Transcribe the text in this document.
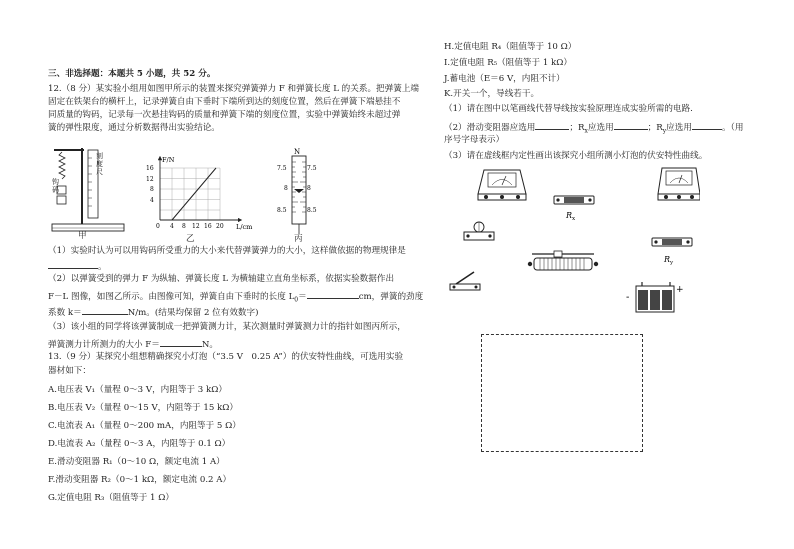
三、非选择题：本题共 5 小题，共 52 分。
12.（8 分）某实验小组用如图甲所示的装置来探究弹簧弹力 F 和弹簧长度 L 的关系。把弹簧上端
固定在铁架台的横杆上，记录弹簧自由下垂时下端所到达的刻度位置，然后在弹簧下端悬挂不
同质量的钩码，记录每一次悬挂钩码的质量和弹簧下端的刻度位置，实验中弹簧始终未超过弹
簧的弹性限度，通过分析数据得出实验结论。
刻度尺
钩码
甲
F/N
L/cm
16
12
8
4
0 4 8 12 16 20
乙
N
7.5	7.5
8	8
8.5	8.5
丙
（1）实验时认为可以用钩码所受重力的大小来代替弹簧弹力的大小，这样做依据的物理规律是
。
（2）以弹簧受到的弹力 F 为纵轴、弹簧长度 L 为横轴建立直角坐标系，依据实验数据作出
F－L 图像，如图乙所示。由图像可知，弹簧自由下垂时的长度 $L_0=$	cm，弹簧的劲度
系数 k＝	N/m。(结果均保留 2 位有效数字)
（3）该小组的同学将该弹簧制成一把弹簧测力计，某次测量时弹簧测力计的指针如图丙所示，
弹簧测力计所测力的大小 F＝	N。
13.（9 分）某探究小组想精确探究小灯泡（“3.5 V　0.25 A”）的伏安特性曲线，可选用实验
器材如下：
A.电压表 V₁（量程 0～3 V，内阻等于 3 kΩ）
B.电压表 V₂（量程 0～15 V，内阻等于 15 kΩ）
C.电流表 A₁（量程 0～200 mA，内阻等于 5 Ω）
D.电流表 A₂（量程 0～3 A，内阻等于 0.1 Ω）
E.滑动变阻器 R₁（0～10 Ω，额定电流 1 A）
F.滑动变阻器 R₂（0～1 kΩ，额定电流 0.2 A）
G.定值电阻 R₃（阻值等于 1 Ω）
H.定值电阻 R₄（阻值等于 10 Ω）
I.定值电阻 R₅（阻值等于 1 kΩ）
J.蓄电池（E＝6 V，内阻不计）
K.开关一个，导线若干。
（1）请在图中以笔画线代替导线按实验原理连成实验所需的电路.
（2）滑动变阻器应选用	；$R_x$应选用	；$R_y$应选用	。（用
序号字母表示）
（3）请在虚线框内定性画出该探究小组所测小灯泡的伏安特性曲线。
R x
R y
-
+
